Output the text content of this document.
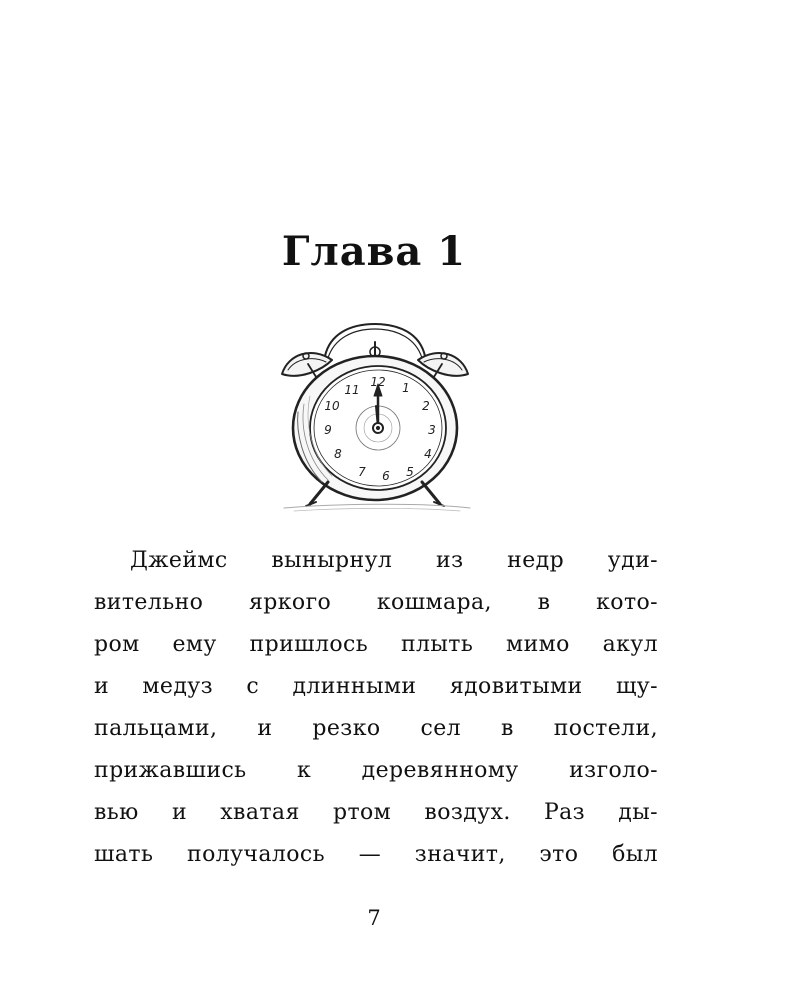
Глава 1
12 1
2
3
4
5
6
7
8
9
10
11
Джеймс вынырнул из недр уди-
вительно яркого кошмара, в кото-
ром ему пришлось плыть мимо акул
и медуз с длинными ядовитыми щу-
пальцами, и резко сел в постели,
прижавшись к деревянному изголо-
вью и хватая ртом воздух. Раз ды-
шать получалось — значит, это был
7
